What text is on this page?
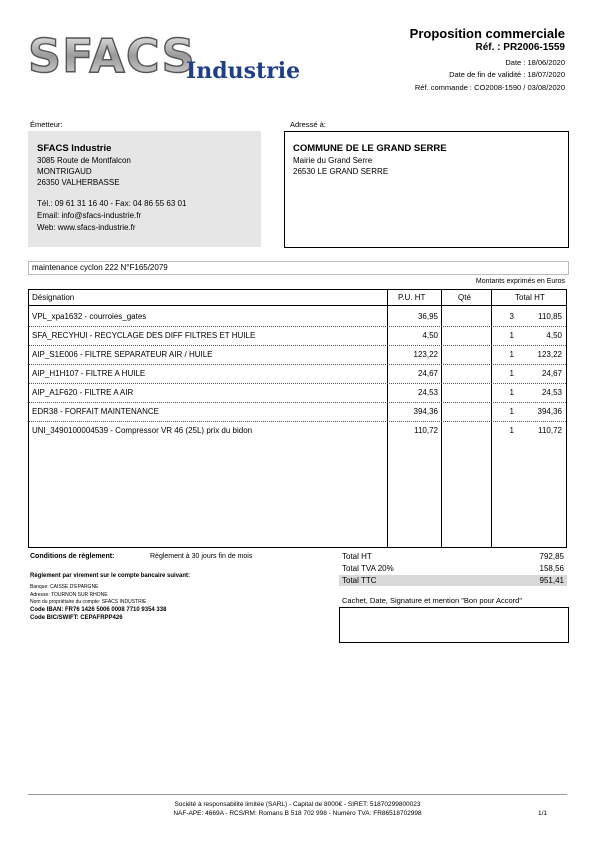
SFACS
Industrie
Proposition commerciale
Réf. : PR2006-1559
Date : 18/06/2020
Date de fin de validité : 18/07/2020
Réf. commande : CO2008-1590 / 03/08/2020
Émetteur:	Adressé à:
SFACS Industrie
3085 Route de Montfalcon
MONTRIGAUD
26350 VALHERBASSE
Tél.: 09 61 31 16 40 - Fax: 04 86 55 63 01
Email: info@sfacs-industrie.fr
Web: www.sfacs-industrie.fr
COMMUNE DE LE GRAND SERRE
Mairie du Grand Serre
26530 LE GRAND SERRE
maintenance cyclon 222 N°F165/2079
Montants exprimés en Euros
Désignation	P.U. HT	Qté	Total HT
VPL_xpa1632 - courroies_gates	36,95	3	110,85
SFA_RECYHUI - RECYCLAGE DES DIFF FILTRES ET HUILE	4,50	1	4,50
AIP_S1E006 - FILTRE SEPARATEUR AIR / HUILE	123,22	1	123,22
AIP_H1H107 - FILTRE A HUILE	24,67	1	24,67
AIP_A1F620 - FILTRE A AIR	24,53	1	24,53
EDR38 - FORFAIT MAINTENANCE	394,36	1	394,36
UNI_3490100004539 - Compressor VR 46 (25L) prix du bidon	110,72	1	110,72
Conditions de règlement:	Règlement à 30 jours fin de mois
Règlement par virement sur le compte bancaire suivant:
Banque: CAISSE D'EPARGNE
Adresse: TOURNON SUR RHONE
Nom du propriétaire du compte: SFACS INDUSTRIE
Code IBAN: FR76 1426 5006 0008 7710 9354 338
Code BIC/SWIFT: CEPAFRPP426
Total HT	792,85
Total TVA 20%	158,56
Total TTC	951,41
Cachet, Date, Signature et mention "Bon pour Accord"
Société à responsabilité limitée (SARL) - Capital de 8000€ - SIRET: 51870299800023
NAF-APE: 4669A - RCS/RM: Romans B 518 702 998 - Numéro TVA: FR86518702998	1/1
